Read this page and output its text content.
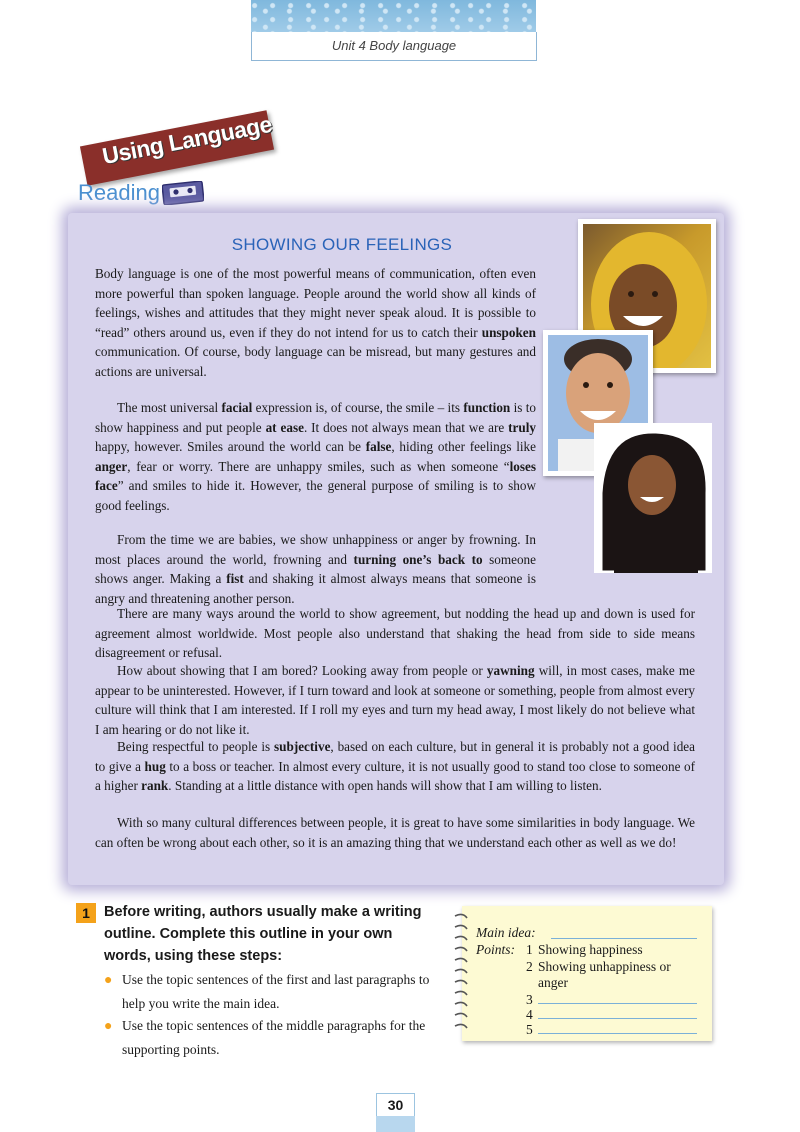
Unit 4 Body language
Using Language
Reading
SHOWING OUR FEELINGS

Body language is one of the most powerful means of communication, often even more powerful than spoken language. People around the world show all kinds of feelings, wishes and attitudes that they might never speak aloud. It is possible to “read” others around us, even if they do not intend for us to catch their unspoken communication. Of course, body language can be misread, but many gestures and actions are universal.

The most universal facial expression is, of course, the smile – its function is to show happiness and put people at ease. It does not always mean that we are truly happy, however. Smiles around the world can be false, hiding other feelings like anger, fear or worry. There are unhappy smiles, such as when someone “loses face” and smiles to hide it. However, the general purpose of smiling is to show good feelings.

From the time we are babies, we show unhappiness or anger by frowning. In most places around the world, frowning and turning one’s back to someone shows anger. Making a fist and shaking it almost always means that someone is angry and threatening another person.

There are many ways around the world to show agreement, but nodding the head up and down is used for agreement almost worldwide. Most people also understand that shaking the head from side to side means disagreement or refusal.

How about showing that I am bored? Looking away from people or yawning will, in most cases, make me appear to be uninterested. However, if I turn toward and look at someone or something, people from almost every culture will think that I am interested. If I roll my eyes and turn my head away, I most likely do not believe what I am hearing or do not like it.

Being respectful to people is subjective, based on each culture, but in general it is probably not a good idea to give a hug to a boss or teacher. In almost every culture, it is not usually good to stand too close to someone of a higher rank. Standing at a little distance with open hands will show that I am willing to listen.

With so many cultural differences between people, it is great to have some similarities in body language. We can often be wrong about each other, so it is an amazing thing that we understand each other as well as we do!

1 Before writing, authors usually make a writing outline. Complete this outline in your own words, using these steps:

● Use the topic sentences of the first and last paragraphs to help you write the main idea.

● Use the topic sentences of the middle paragraphs for the supporting points.

Main idea:
Points: 1 Showing happiness
2 Showing unhappiness or
anger
3
4
5
30
